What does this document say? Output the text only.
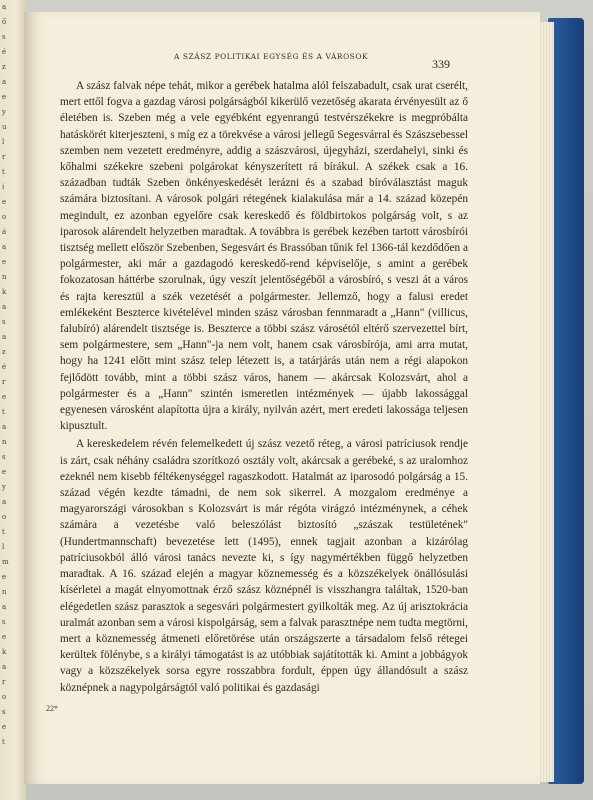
a
ő
s
é
z
a
e
y
u
l
r
t
i
e
o
á
a
e
n
k
a
s
a
z
é
r
e
t
a
n
s
e
y
a
o
t
l
m
e
n
a
s
e
k
a
r
o
s
e
t
A SZÁSZ POLITIKAI EGYSÉG ÉS A VÁROSOK
339

A szász falvak népe tehát, mikor a gerébek hatalma alól felszabadult, csak urat cserélt, mert ettől fogva a gazdag városi polgárságból kikerülő vezetőség akarata érvényesült az ő életében is. Szeben még a vele egyébként egyenrangú testvérszékekre is megpróbálta hatáskörét kiterjeszteni, s míg ez a törekvése a városi jellegű Segesvárral és Szászsebessel szemben nem vezetett eredményre, addig a szászvárosi, újegyházi, szerdahelyi, sinki és kőhalmi székekre szebeni polgárokat kényszerített rá bírákul. A székek csak a 16. században tudták Szeben önkényeskedését lerázni és a szabad bíróválasztást maguk számára biztosítani. A városok polgári rétegének kialakulása már a 14. század közepén megindult, ez azonban egyelőre csak kereskedő és földbirtokos polgárság volt, s az iparosok alárendelt helyzetben maradtak. A továbbra is gerébek kezében tartott városbírói tisztség mellett először Szebenben, Segesvárt és Brassóban tűnik fel 1366-tál kezdődően a polgármester, aki már a gazdagodó kereskedő-rend képviselője, s amint a gerébek fokozatosan háttérbe szorulnak, úgy veszít jelentőségéből a városbíró, s veszi át a város és rajta keresztül a szék vezetését a polgármester. Jellemző, hogy a falusi eredet emlékeként Beszterce kivételével minden szász városban fennmaradt a „Hann" (villicus, falubíró) alárendelt tisztsége is. Beszterce a többi szász városétól eltérő szervezettel bírt, sem polgármestere, sem „Hann"-ja nem volt, hanem csak városbírója, ami arra mutat, hogy ha 1241 előtt mint szász telep létezett is, a tatárjárás után nem a régi alapokon fejlődött tovább, mint a többi szász város, hanem — akárcsak Kolozsvárt, ahol a polgármester és a „Hann" szintén ismeretlen intézmények — újabb lakossággal egyenesen városként alapította újra a király, nyilván azért, mert eredeti lakossága teljesen kipusztult.

A kereskedelem révén felemelkedett új szász vezető réteg, a városi patríciusok rendje is zárt, csak néhány családra szorítkozó osztály volt, akárcsak a gerébeké, s az uralomhoz ezeknél nem kisebb féltékenységgel ragaszkodott. Hatalmát az iparosodó polgárság a 15. század végén kezdte támadni, de nem sok sikerrel. A mozgalom eredménye a magyarországi városokban s Kolozsvárt is már régóta virágzó intézménynek, a céhek számára a vezetésbe való beleszólást biztosító „szászak testületének" (Hundertmannschaft) bevezetése lett (1495), ennek tagjait azonban a kizárólag patríciusokból álló városi tanács nevezte ki, s így nagymértékben függő helyzetben maradtak. A 16. század elején a magyar köznemesség és a közszékelyek önállósulási kísérletei a magát elnyomottnak érző szász köznépnél is visszhangra találtak, 1520-ban elégedetlen szász parasztok a segesvári polgármestert gyilkolták meg. Az új arisztokrácia uralmát azonban sem a városi kispolgárság, sem a falvak parasztnépe nem tudta megtörni, mert a köznemesség átmeneti előretörése után országszerte a társadalom felső rétegei kerültek fölénybe, s a királyi támogatást is az utóbbiak sajátították ki. Amint a jobbágyok vagy a közszékelyek sorsa egyre rosszabbra fordult, éppen úgy állandósult a szász köznépnek a nagypolgárságtól való politikai és gazdasági

22*
